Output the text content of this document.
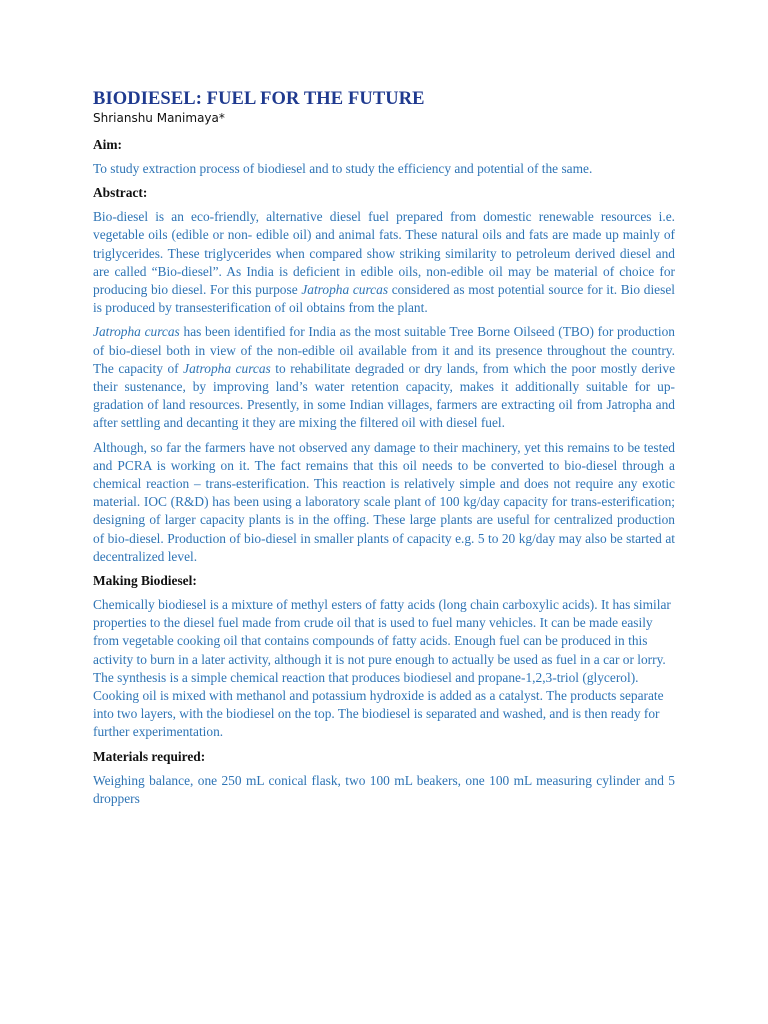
BIODIESEL: FUEL FOR THE FUTURE
Shrianshu Manimaya*
Aim:

To study extraction process of biodiesel and to study the efficiency and potential of the same.

Abstract:

Bio-diesel is an eco-friendly, alternative diesel fuel prepared from domestic renewable resources i.e. vegetable oils (edible or non- edible oil) and animal fats. These natural oils and fats are made up mainly of triglycerides. These triglycerides when compared show striking similarity to petroleum derived diesel and are called “Bio-diesel”. As India is deficient in edible oils, non-edible oil may be material of choice for producing bio diesel. For this purpose Jatropha curcas considered as most potential source for it. Bio diesel is produced by transesterification of oil obtains from the plant.

Jatropha curcas has been identified for India as the most suitable Tree Borne Oilseed (TBO) for production of bio-diesel both in view of the non-edible oil available from it and its presence throughout the country. The capacity of Jatropha curcas to rehabilitate degraded or dry lands, from which the poor mostly derive their sustenance, by improving land’s water retention capacity, makes it additionally suitable for up-gradation of land resources. Presently, in some Indian villages, farmers are extracting oil from Jatropha and after settling and decanting it they are mixing the filtered oil with diesel fuel.

Although, so far the farmers have not observed any damage to their machinery, yet this remains to be tested and PCRA is working on it. The fact remains that this oil needs to be converted to bio-diesel through a chemical reaction – trans-esterification. This reaction is relatively simple and does not require any exotic material. IOC (R&D) has been using a laboratory scale plant of 100 kg/day capacity for trans-esterification; designing of larger capacity plants is in the offing. These large plants are useful for centralized production of bio-diesel. Production of bio-diesel in smaller plants of capacity e.g. 5 to 20 kg/day may also be started at decentralized level.

Making Biodiesel:

Chemically biodiesel is a mixture of methyl esters of fatty acids (long chain carboxylic acids). It has similar properties to the diesel fuel made from crude oil that is used to fuel many vehicles. It can be made easily from vegetable cooking oil that contains compounds of fatty acids. Enough fuel can be produced in this activity to burn in a later activity, although it is not pure enough to actually be used as fuel in a car or lorry. The synthesis is a simple chemical reaction that produces biodiesel and propane-1,2,3-triol (glycerol). Cooking oil is mixed with methanol and potassium hydroxide is added as a catalyst. The products separate into two layers, with the biodiesel on the top. The biodiesel is separated and washed, and is then ready for further experimentation.

Materials required:

Weighing balance, one 250 mL conical flask, two 100 mL beakers, one 100 mL measuring cylinder and 5 droppers
